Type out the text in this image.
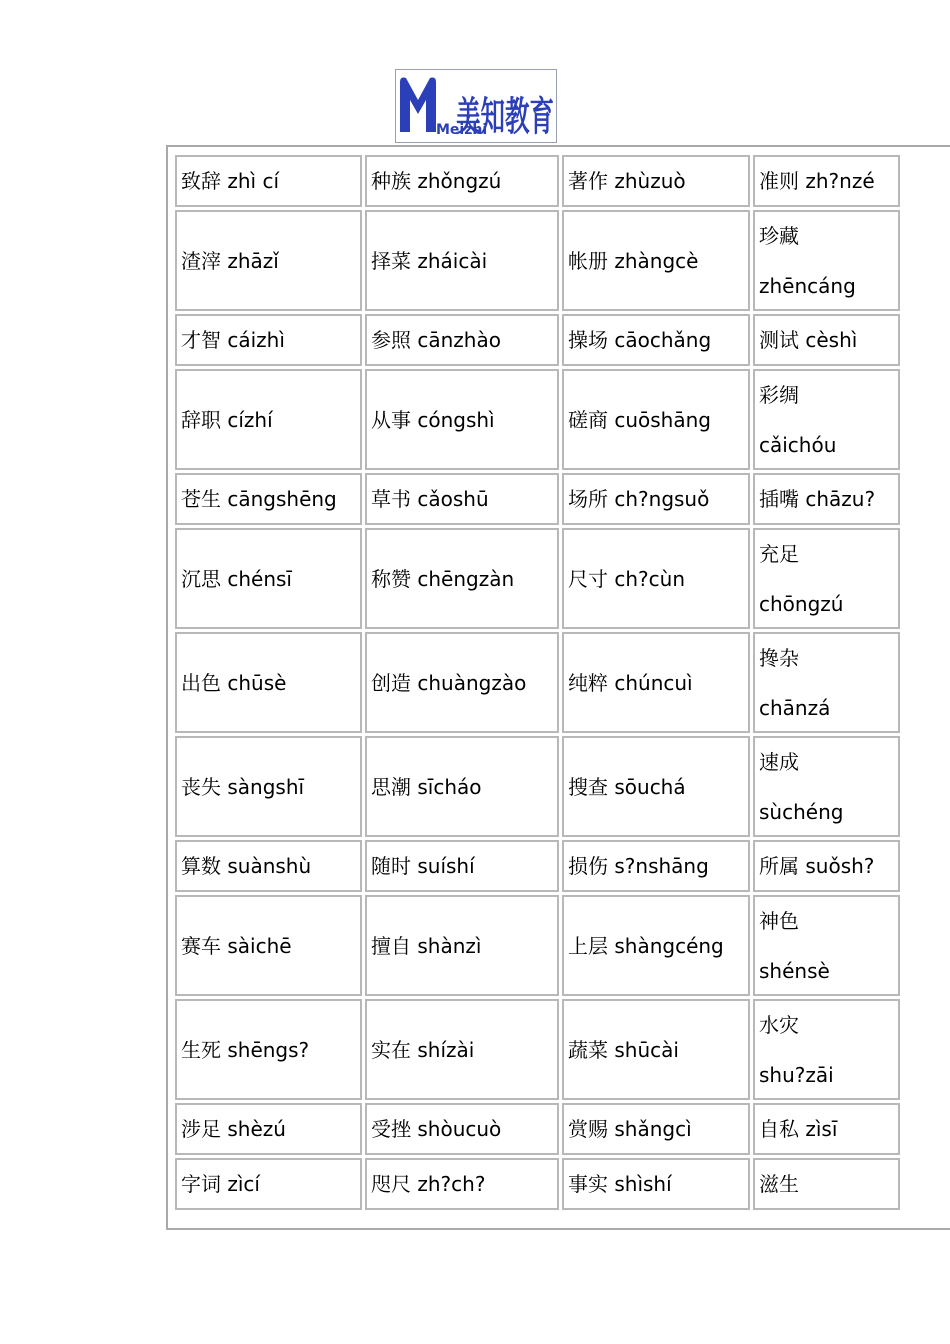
Meizhi
美知教育
致辞 zhì cí	种族 zhǒngzú	著作 zhùzuò	准则 zh?nzé
渣滓 zhāzǐ	择菜 zháicài	帐册 zhàngcè	珍藏
zhēncáng

才智 cáizhì	参照 cānzhào	操场 cāochǎng	测试 cèshì
辞职 cízhí	从事 cóngshì	磋商 cuōshāng	彩绸
cǎichóu

苍生 cāngshēng	草书 cǎoshū	场所 ch?ngsuǒ	插嘴 chāzu?
沉思 chénsī	称赞 chēngzàn	尺寸 ch?cùn	充足
chōngzú

出色 chūsè	创造 chuàngzào	纯粹 chúncuì	搀杂
chānzá

丧失 sàngshī	思潮 sīcháo	搜查 sōuchá	速成
sùchéng

算数 suànshù	随时 suíshí	损伤 s?nshāng	所属 suǒsh?
赛车 sàichē	擅自 shànzì	上层 shàngcéng	神色
shénsè

生死 shēngs?	实在 shízài	蔬菜 shūcài	水灾
shu?zāi

涉足 shèzú	受挫 shòucuò	赏赐 shǎngcì	自私 zìsī
字词 zìcí	咫尺 zh?ch?	事实 shìshí	滋生
